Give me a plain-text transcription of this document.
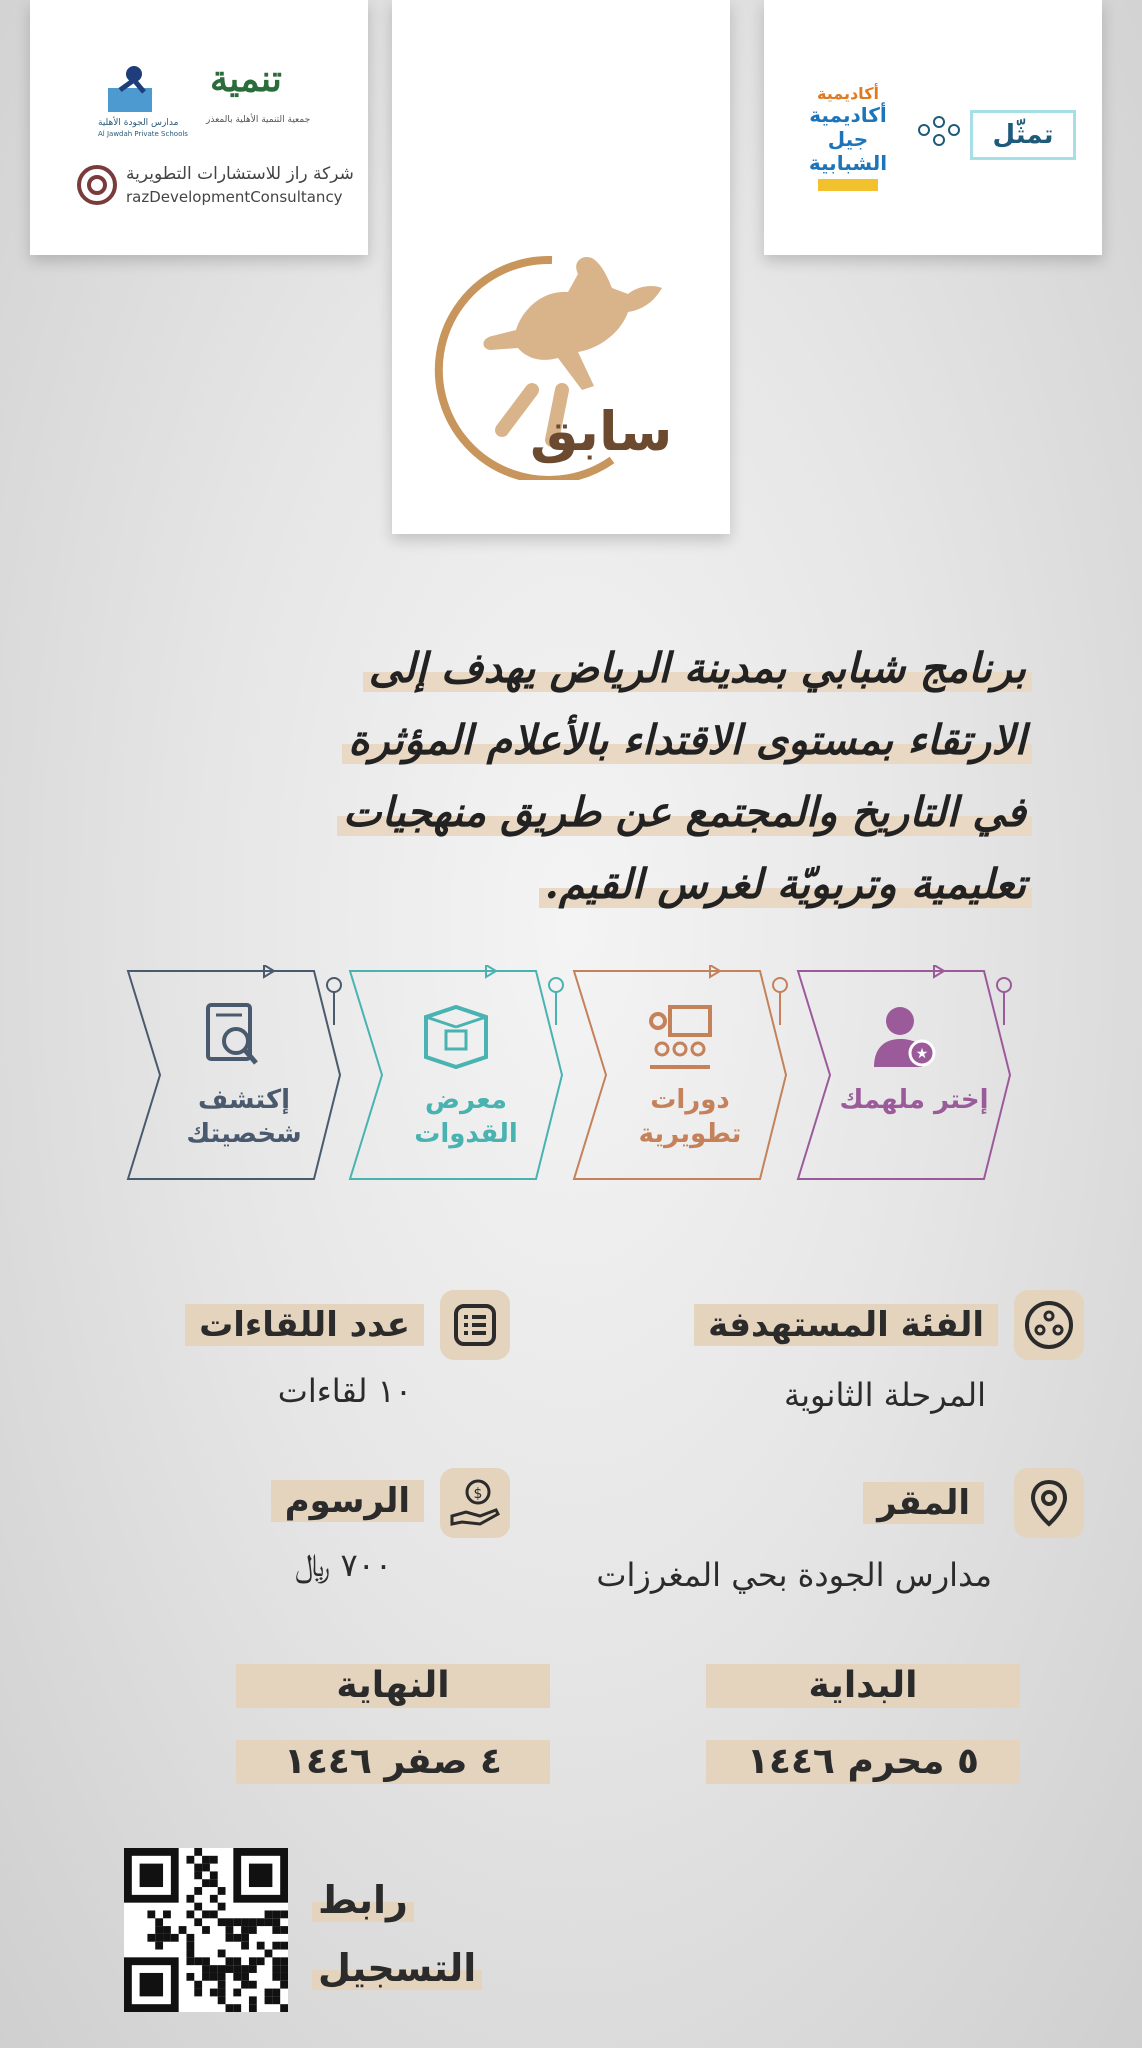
مدارس الجودة الأهلية
Al Jawdah Private Schools
تنمية
جمعية التنمية الأهلية بالمعذر
شركة راز للاستشارات التطويرية
razDevelopmentConsultancy
سابق
أكاديمية
أكاديمية جيل الشبابية
تمثّل
برنامج شبابي بمدينة الرياض يهدف إلى
الارتقاء بمستوى الاقتداء بالأعلام المؤثرة
في التاريخ والمجتمع عن طريق منهجيات
تعليمية وتربويّة لغرس القيم.
إكتشف شخصيتك
معرض القدوات
دورات تطويرية
★
إختر ملهمك
عدد اللقاءات
١٠ لقاءات
الفئة المستهدفة
المرحلة الثانوية
$
الرسوم
٧٠٠ ﷼
المقر
مدارس الجودة بحي المغرزات
النهاية
٤ صفر ١٤٤٦
البداية
٥ محرم ١٤٤٦
رابط
التسجيل
